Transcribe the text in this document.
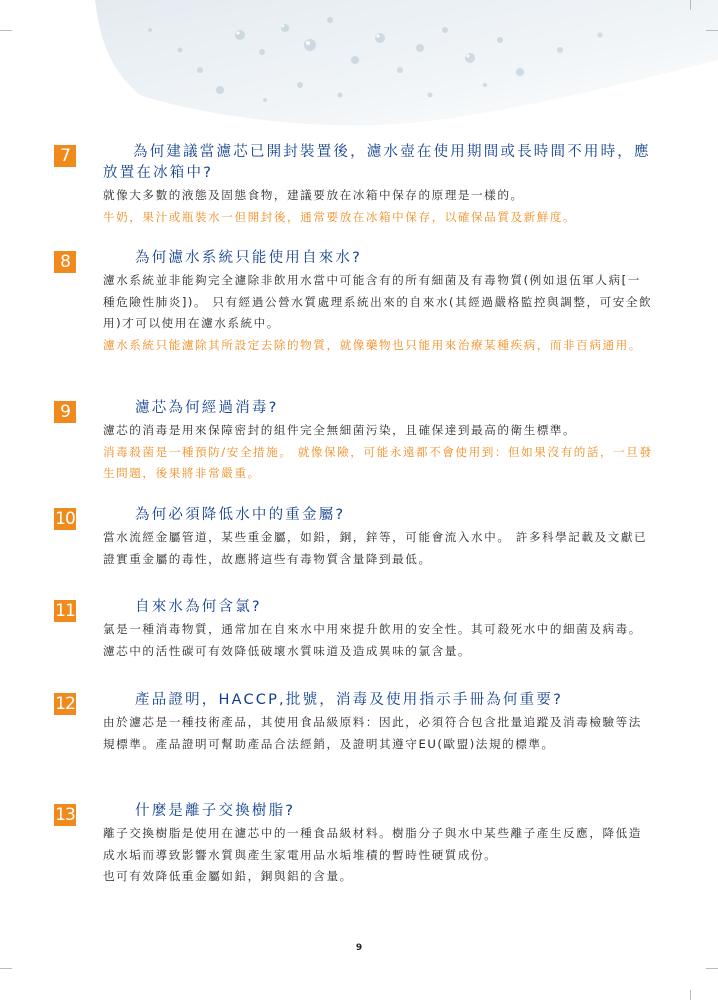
7	為何建議當濾芯已開封裝置後，濾水壺在使用期間或長時間不用時，應放置在冰箱中?
就像大多數的液態及固態食物，建議要放在冰箱中保存的原理是一樣的。
牛奶，果汁或瓶裝水一但開封後，通常要放在冰箱中保存，以確保品質及新鮮度。
8	為何濾水系統只能使用自來水?
濾水系統並非能夠完全濾除非飲用水當中可能含有的所有細菌及有毒物質(例如退伍軍人病[一種危險性肺炎])。 只有經過公營水質處理系統出來的自來水(其經過嚴格監控與調整，可安全飲用)才可以使用在濾水系統中。
濾水系統只能濾除其所設定去除的物質，就像藥物也只能用來治療某種疾病，而非百病通用。
9	濾芯為何經過消毒?
濾芯的消毒是用來保障密封的組件完全無細菌污染，且確保達到最高的衛生標準。
消毒殺菌是一種預防/安全措施。 就像保險，可能永遠都不會使用到：但如果沒有的話，一旦發生問題，後果將非常嚴重。
10	為何必須降低水中的重金屬?
當水流經金屬管道，某些重金屬，如鉛，銅，鋅等，可能會流入水中。 許多科學記載及文獻已證實重金屬的毒性，故應將這些有毒物質含量降到最低。
11	自來水為何含氯?
氯是一種消毒物質，通常加在自來水中用來提升飲用的安全性。其可殺死水中的細菌及病毒。濾芯中的活性碳可有效降低破壞水質味道及造成異味的氯含量。
12	產品證明，HACCP,批號，消毒及使用指示手冊為何重要?
由於濾芯是一種技術產品，其使用食品級原料：因此，必須符合包含批量追蹤及消毒檢驗等法規標準。產品證明可幫助產品合法經銷，及證明其遵守EU(歐盟)法規的標準。
13	什麼是離子交換樹脂?
離子交換樹脂是使用在濾芯中的一種食品級材料。樹脂分子與水中某些離子產生反應，降低造成水垢而導致影響水質與產生家電用品水垢堆積的暫時性硬質成份。
也可有效降低重金屬如鉛，銅與鋁的含量。
9
